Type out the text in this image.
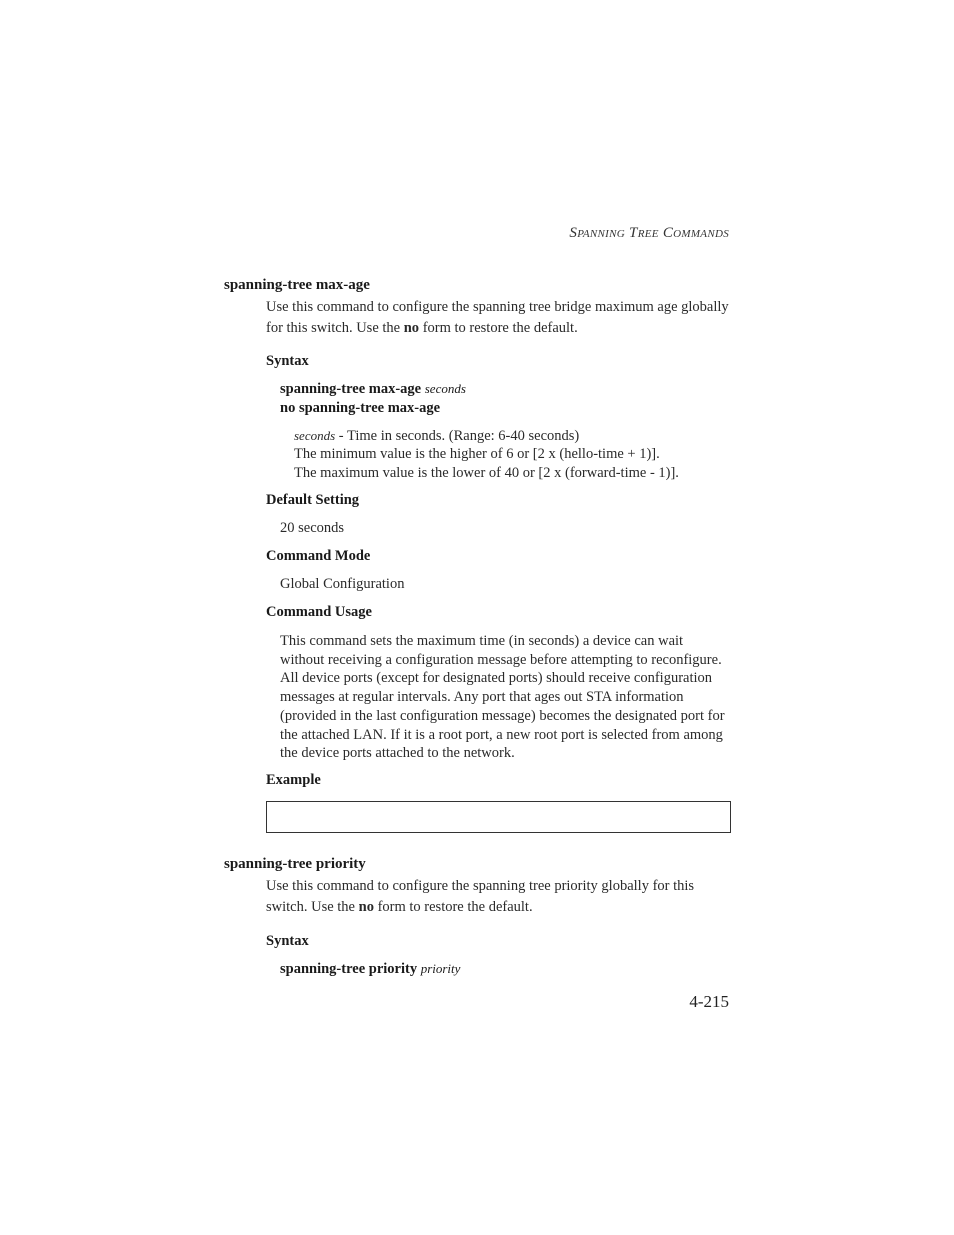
SPANNING TREE COMMANDS
spanning-tree max-age
Use this command to configure the spanning tree bridge maximum age globally for this switch. Use the no form to restore the default.
Syntax
spanning-tree max-age seconds
no spanning-tree max-age
seconds - Time in seconds. (Range: 6-40 seconds)
The minimum value is the higher of 6 or [2 x (hello-time + 1)].
The maximum value is the lower of 40 or [2 x (forward-time - 1)].
Default Setting
20 seconds
Command Mode
Global Configuration
Command Usage
This command sets the maximum time (in seconds) a device can wait without receiving a configuration message before attempting to reconfigure. All device ports (except for designated ports) should receive configuration messages at regular intervals. Any port that ages out STA information (provided in the last configuration message) becomes the designated port for the attached LAN. If it is a root port, a new root port is selected from among the device ports attached to the network.
Example
spanning-tree priority
Use this command to configure the spanning tree priority globally for this switch. Use the no form to restore the default.
Syntax
spanning-tree priority priority
4-215
